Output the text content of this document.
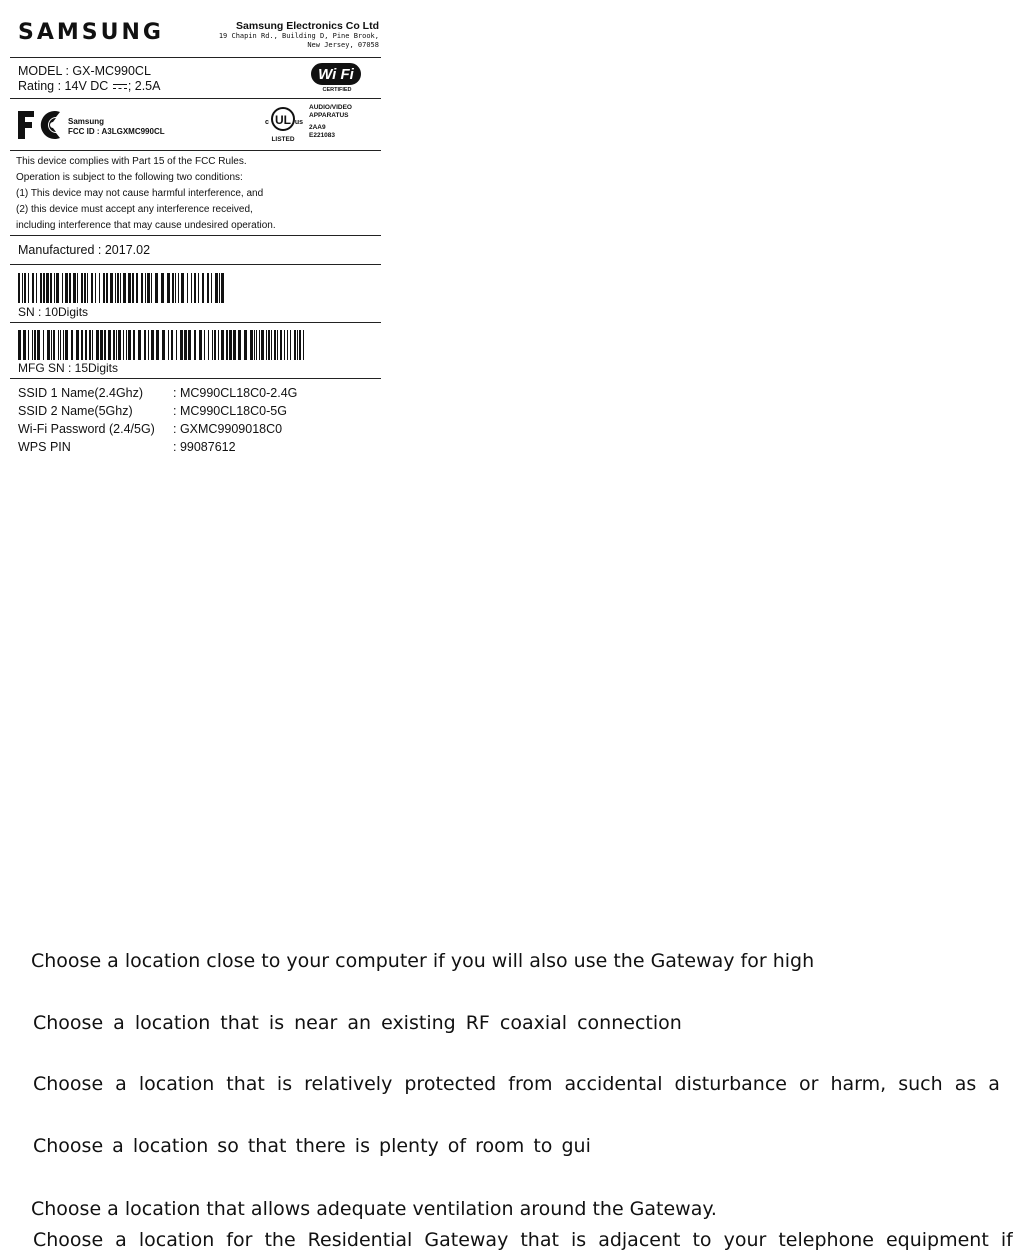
SAMSUNG	Samsung Electronics Co Ltd
19 Chapin Rd., Building D, Pine Brook,
New Jersey, 07058
MODEL : GX-MC990CL
Rating : 14V DC ; 2.5A
Wi Fi
CERTIFIED
Samsung
FCC ID : A3LGXMC990CL
UL
c	us
LISTED
AUDIO/VIDEO
APPARATUS
2AA9
E221083
This device complies with Part 15 of the FCC Rules.
Operation is subject to the following two conditions:
(1) This device may not cause harmful interference, and
(2) this device must accept any interference received,
including interference that may cause undesired operation.
Manufactured : 2017.02
SN : 10Digits
MFG SN : 15Digits
SSID 1 Name(2.4Ghz) : MC990CL18C0-2.4G
SSID 2 Name(5Ghz)	: MC990CL18C0-5G
Wi-Fi Password (2.4/5G) : GXMC9909018C0
WPS PIN	: 99087612
Choose a location close to your computer if you will also use the Gateway for high
Choose a location that is near an existing RF coaxial connection
Choose a location that is relatively protected from accidental disturbance or harm, such as a
Choose a location so that there is plenty of room to gui
Choose a location that allows adequate ventilation around the Gateway.
Choose a location for the Residential Gateway that is adjacent to your telephone equipment if
